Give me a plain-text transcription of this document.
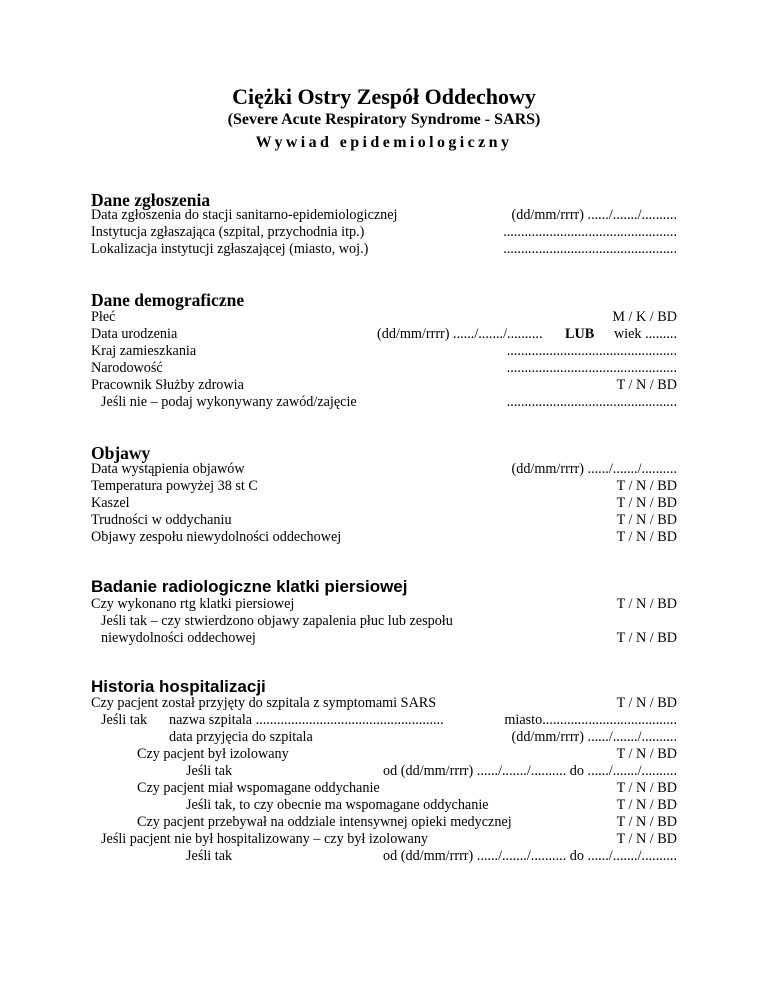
Ciężki Ostry Zespół Oddechowy
(Severe Acute Respiratory Syndrome - SARS)
Wywiad epidemiologiczny
Dane zgłoszenia
Data zgłoszenia do stacji sanitarno-epidemiologicznej	(dd/mm/rrrr) ....../......./..........
Instytucja zgłaszająca (szpital, przychodnia itp.)	.................................................
Lokalizacja instytucji zgłaszającej (miasto, woj.)	.................................................
Dane demograficzne
Płeć	M / K / BD
Data urodzenia	(dd/mm/rrrr) ....../......./.......... LUB wiek .........
Kraj zamieszkania	................................................
Narodowość	................................................
Pracownik Służby zdrowia	T / N / BD
Jeśli nie – podaj wykonywany zawód/zajęcie	................................................
Objawy
Data wystąpienia objawów	(dd/mm/rrrr) ....../......./..........
Temperatura powyżej 38 st C	T / N / BD
Kaszel	T / N / BD
Trudności w oddychaniu	T / N / BD
Objawy zespołu niewydolności oddechowej	T / N / BD
Badanie radiologiczne klatki piersiowej
Czy wykonano rtg klatki piersiowej	T / N / BD
Jeśli tak – czy stwierdzono objawy zapalenia płuc lub zespołu
niewydolności oddechowej	T / N / BD
Historia hospitalizacji
Czy pacjent został przyjęty do szpitala z symptomami SARS	T / N / BD
Jeśli tak nazwa szpitala .....................................................	miasto......................................
data przyjęcia do szpitala	(dd/mm/rrrr) ....../......./..........
Czy pacjent był izolowany	T / N / BD
Jeśli tak	od (dd/mm/rrrr) ....../......./.......... do ....../......./..........
Czy pacjent miał wspomagane oddychanie	T / N / BD
Jeśli tak, to czy obecnie ma wspomagane oddychanie	T / N / BD
Czy pacjent przebywał na oddziale intensywnej opieki medycznej	T / N / BD
Jeśli pacjent nie był hospitalizowany – czy był izolowany	T / N / BD
Jeśli tak	od (dd/mm/rrrr) ....../......./.......... do ....../......./..........
